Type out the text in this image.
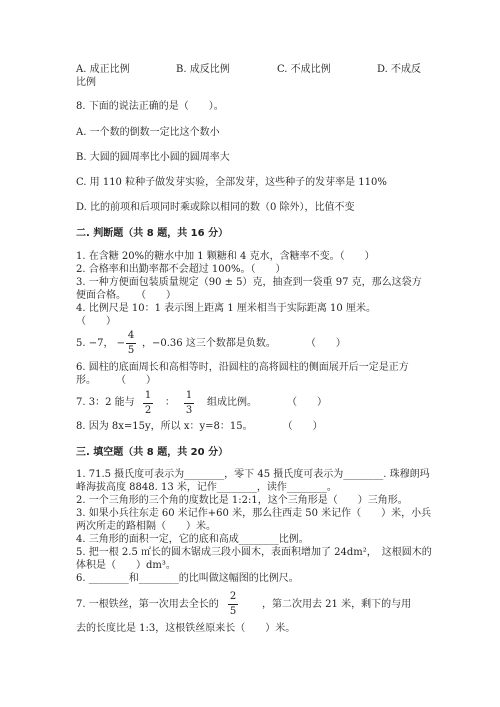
A. 成正比例	B. 成反比例	C. 不成比例	D. 不成反
比例
8. 下面的说法正确的是（　　）。
A. 一个数的倒数一定比这个数小
B. 大圆的圆周率比小圆的圆周率大
C. 用 110 粒种子做发芽实验，全部发芽，这些种子的发芽率是 110%
D. 比的前项和后项同时乘或除以相同的数（0 除外），比值不变
二. 判断题（共 8 题，共 16 分）
1. 在含糖 20%的糖水中加 1 颗糖和 4 克水，含糖率不变。（　　）
2. 合格率和出勤率都不会超过 100%。（　　）
3. 一种方便面包装质量规定（90 ± 5）克，抽查到一袋重 97 克，那么这袋方
便面合格。　　（　　）
4. 比例尺是 10：1 表示图上距离 1 厘米相当于实际距离 10 厘米。
（　　）
5. −7， −
4
5
，−0.36 这三个数都是负数。　　　　（　　）
6. 圆柱的底面周长和高相等时，沿圆柱的高将圆柱的侧面展开后一定是正方
形。　　　（　　）
7. 3：2 能与
1
2
：
1
3
组成比例。　　　　（　　）
8. 因为 8x=15y，所以 x：y=8：15。　　　　（　　）
三. 填空题（共 8 题，共 20 分）
1. 71.5 摄氏度可表示为________，零下 45 摄氏度可表示为________. 珠穆朗玛
峰海拔高度 8848. 13 米，记作________，读作________。
2. 一个三角形的三个角的度数比是 1:2:1，这个三角形是（　　）三角形。
3. 如果小兵往东走 60 米记作+60 米，那么往西走 50 米记作（　　）米，小兵
两次所走的路相隔（　　）米。
4. 三角形的面积一定，它的底和高成________比例。
5. 把一根 2.5 ㎡长的圆木锯成三段小圆木，表面积增加了 24dm²，　这根圆木的
体积是（　　）dm³。
6. ________和________的比叫做这幅图的比例尺。
7. 一根铁丝，第一次用去全长的
2
5
，第二次用去 21 米，剩下的与用
去的长度比是 1:3，这根铁丝原来长（　　）米。
